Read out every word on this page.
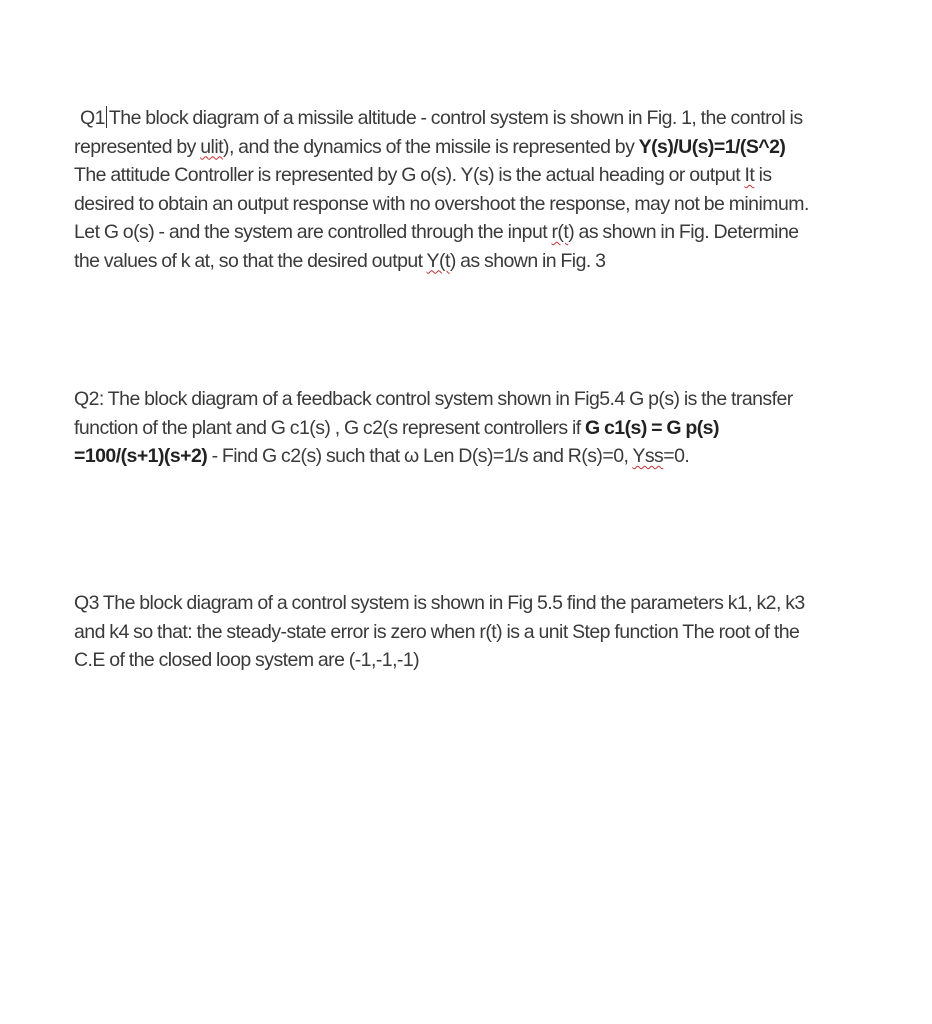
Q1 The block diagram of a missile altitude - control system is shown in Fig. 1, the control is
represented by ulit), and the dynamics of the missile is represented by Y(s)/U(s)=1/(S^2)
The attitude Controller is represented by G o(s). Y(s) is the actual heading or output It is
desired to obtain an output response with no overshoot the response, may not be minimum.
Let G o(s) - and the system are controlled through the input r(t) as shown in Fig. Determine
the values of k at, so that the desired output Y(t) as shown in Fig. 3
Q2: The block diagram of a feedback control system shown in Fig5.4 G p(s) is the transfer
function of the plant and G c1(s) , G c2(s represent controllers if G c1(s) = G p(s)
=100/(s+1)(s+2) - Find G c2(s) such that ω Len D(s)=1/s and R(s)=0, Yss=0.
Q3 The block diagram of a control system is shown in Fig 5.5 find the parameters k1, k2, k3
and k4 so that: the steady-state error is zero when r(t) is a unit Step function The root of the
C.E of the closed loop system are (-1,-1,-1)
